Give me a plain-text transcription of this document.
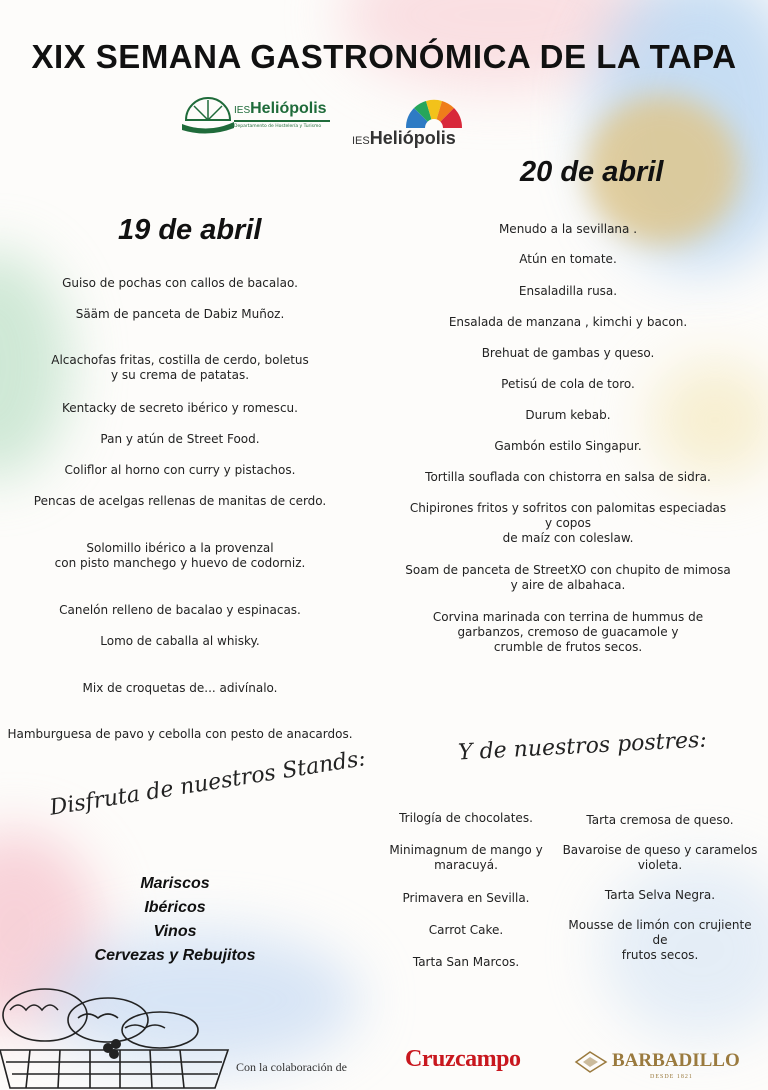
XIX SEMANA GASTRONÓMICA DE LA TAPA
IESHeliópolis
Departamento de Hostelería y Turismo
IESHeliópolis
19 de abril
Guiso de pochas con callos de bacalao.
Sääm de panceta de Dabiz Muñoz.
Alcachofas fritas, costilla de cerdo, boletus
y su crema de patatas.
Kentacky de secreto ibérico y romescu.
Pan y atún de Street Food.
Coliflor al horno con curry y pistachos.
Pencas de acelgas rellenas de manitas de cerdo.
Solomillo ibérico a la provenzal
con pisto manchego y huevo de codorniz.
Canelón relleno de bacalao y espinacas.
Lomo de caballa al whisky.
Mix de croquetas de... adivínalo.
Hamburguesa de pavo y cebolla con pesto de anacardos.
20 de abril
Menudo a la sevillana .
Atún en tomate.
Ensaladilla rusa.
Ensalada de manzana , kimchi y bacon.
Brehuat de gambas y queso.
Petisú de cola de toro.
Durum kebab.
Gambón estilo Singapur.
Tortilla souflada con chistorra en salsa de sidra.
Chipirones fritos y sofritos con palomitas especiadas
y copos
de maíz con coleslaw.
Soam de panceta de StreetXO con chupito de mimosa
y aire de albahaca.
Corvina marinada con terrina de hummus de
garbanzos, cremoso de guacamole y
crumble de frutos secos.
Disfruta de nuestros Stands:
Mariscos
Ibéricos
Vinos
Cervezas y Rebujitos
Y de nuestros postres:
Trilogía de chocolates.
Minimagnum de mango y
maracuyá.
Primavera en Sevilla.
Carrot Cake.
Tarta San Marcos.
Tarta cremosa de queso.
Bavaroise de queso y caramelos
violeta.
Tarta Selva Negra.
Mousse de limón con crujiente de
frutos secos.
Con la colaboración de Cruzcampo	BARBADILLO
DESDE 1821
